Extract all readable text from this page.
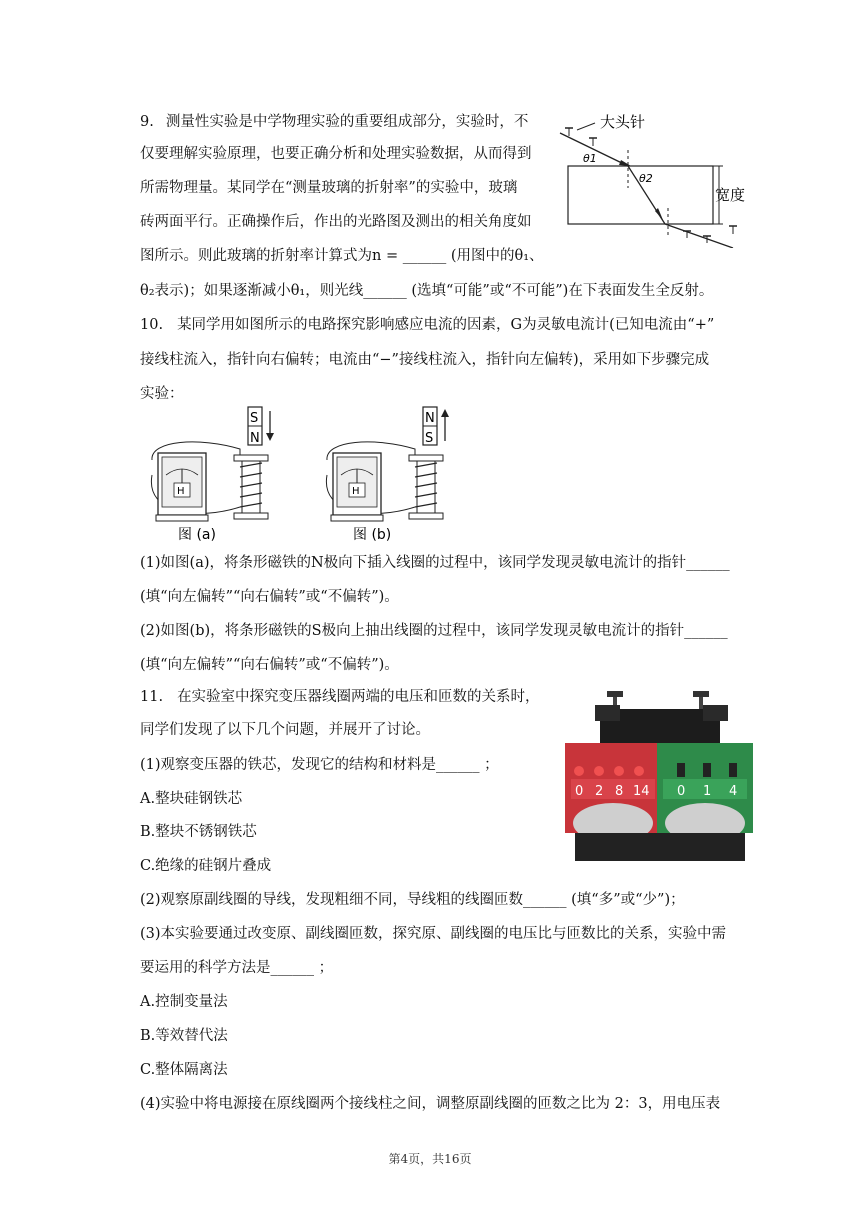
9. 测量性实验是中学物理实验的重要组成部分，实验时，不
仅要理解实验原理，也要正确分析和处理实验数据，从而得到
所需物理量。某同学在“测量玻璃的折射率”的实验中，玻璃
砖两面平行。正确操作后，作出的光路图及测出的相关角度如
图所示。则此玻璃的折射率计算式为n = ______ (用图中的θ₁、
θ₂表示)；如果逐渐减小θ₁，则光线______ (选填“可能”或“不可能”)在下表面发生全反射。
大头针
θ1
θ2
宽度
10. 某同学用如图所示的电路探究影响感应电流的因素，G为灵敏电流计(已知电流由“+”
接线柱流入，指针向右偏转；电流由“−”接线柱流入，指针向左偏转)，采用如下步骤完成
实验：
S
N
H
图 (a)
N
S
H
图 (b)
(1)如图(a)，将条形磁铁的N极向下插入线圈的过程中，该同学发现灵敏电流计的指针______
(填“向左偏转”“向右偏转”或“不偏转”)。
(2)如图(b)，将条形磁铁的S极向上抽出线圈的过程中，该同学发现灵敏电流计的指针______
(填“向左偏转”“向右偏转”或“不偏转”)。
11. 在实验室中探究变压器线圈两端的电压和匝数的关系时，
同学们发现了以下几个问题，并展开了讨论。
(1)观察变压器的铁芯，发现它的结构和材料是______ ；
A.整块硅钢铁芯
B.整块不锈钢铁芯
C.绝缘的硅钢片叠成
(2)观察原副线圈的导线，发现粗细不同，导线粗的线圈匝数______ (填“多”或“少”)；
(3)本实验要通过改变原、副线圈匝数，探究原、副线圈的电压比与匝数比的关系，实验中需
要运用的科学方法是______ ；
A.控制变量法
B.等效替代法
C.整体隔离法
(4)实验中将电源接在原线圈两个接线柱之间，调整原副线圈的匝数之比为 2：3，用电压表
0 2 8 14 0 1 4
第4页，共16页
